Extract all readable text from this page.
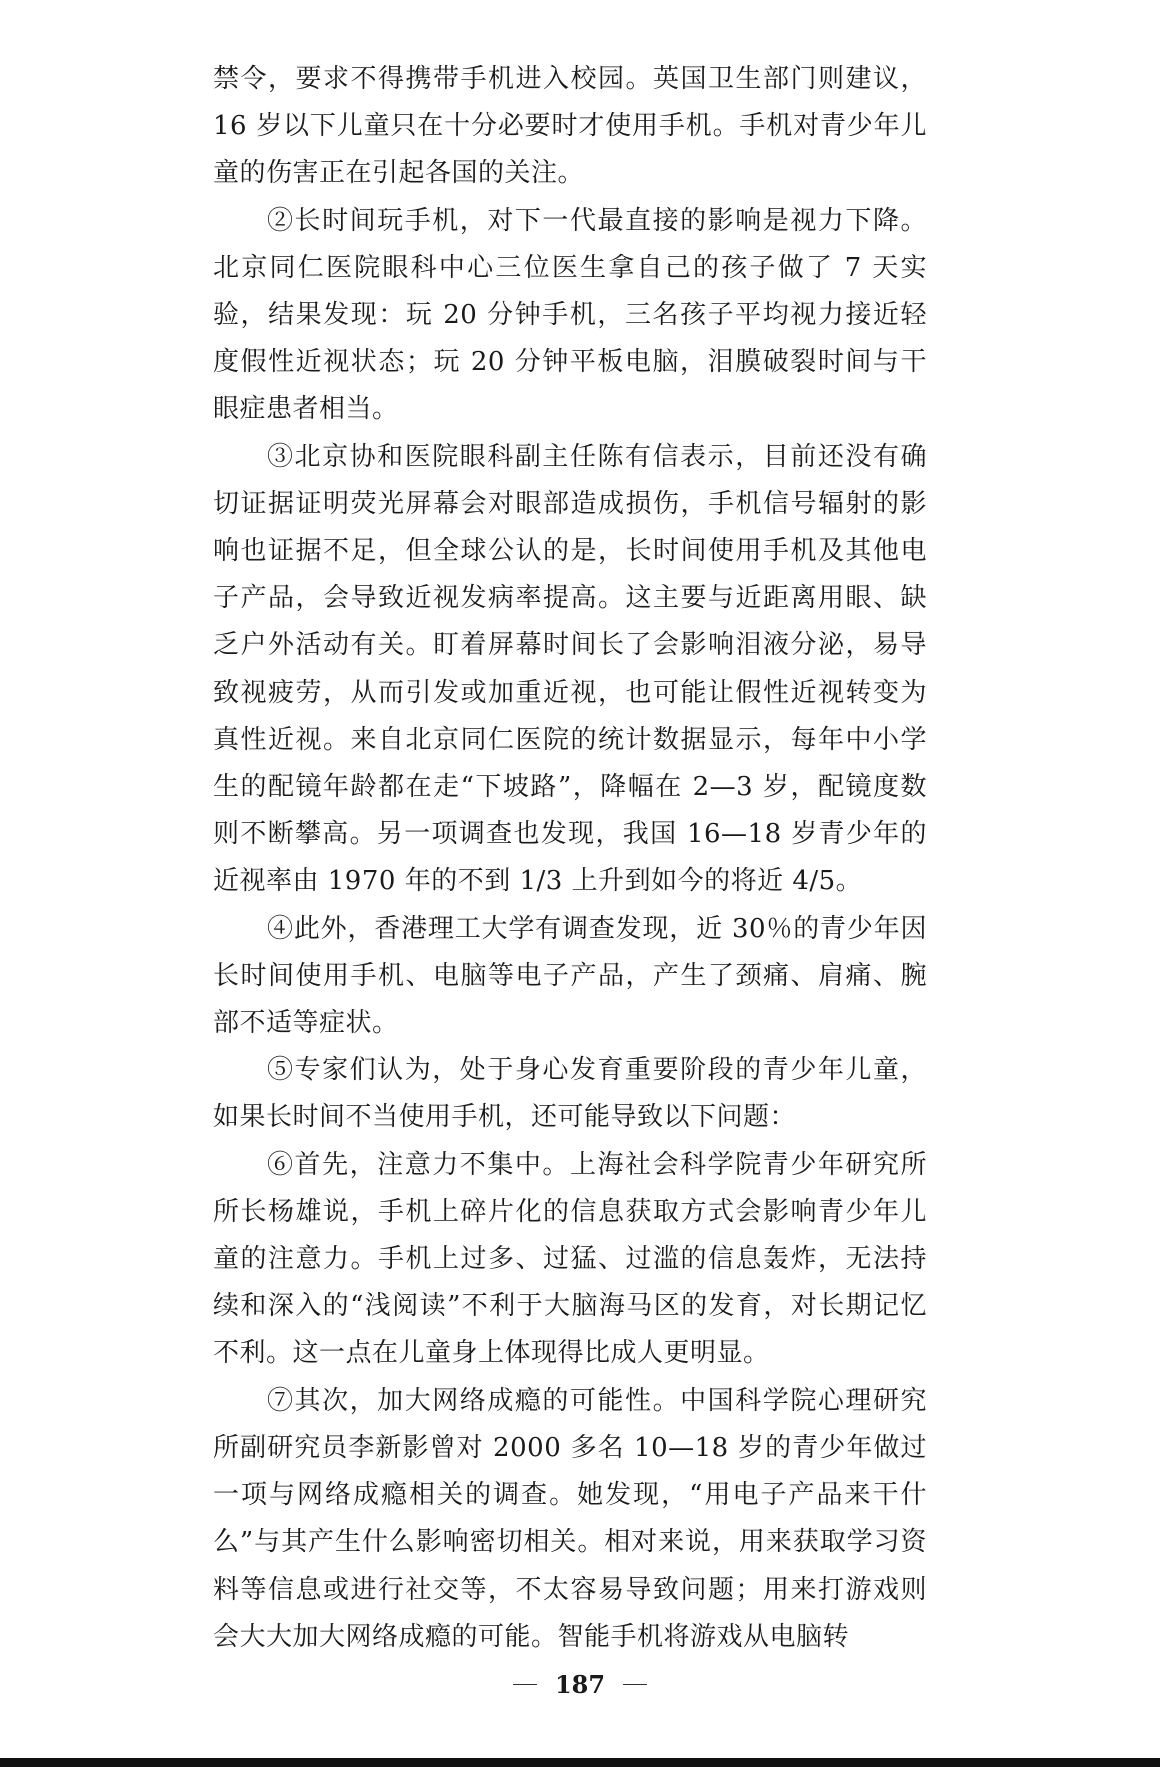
禁令，要求不得携带手机进入校园。英国卫生部门则建议，16 岁以下儿童只在十分必要时才使用手机。手机对青少年儿童的伤害正在引起各国的关注。

②长时间玩手机，对下一代最直接的影响是视力下降。北京同仁医院眼科中心三位医生拿自己的孩子做了 7 天实验，结果发现：玩 20 分钟手机，三名孩子平均视力接近轻度假性近视状态；玩 20 分钟平板电脑，泪膜破裂时间与干眼症患者相当。

③北京协和医院眼科副主任陈有信表示，目前还没有确切证据证明荧光屏幕会对眼部造成损伤，手机信号辐射的影响也证据不足，但全球公认的是，长时间使用手机及其他电子产品，会导致近视发病率提高。这主要与近距离用眼、缺乏户外活动有关。盯着屏幕时间长了会影响泪液分泌，易导致视疲劳，从而引发或加重近视，也可能让假性近视转变为真性近视。来自北京同仁医院的统计数据显示，每年中小学生的配镜年龄都在走“下坡路”，降幅在 2—3 岁，配镜度数则不断攀高。另一项调查也发现，我国 16—18 岁青少年的近视率由 1970 年的不到 1/3 上升到如今的将近 4/5。

④此外，香港理工大学有调查发现，近 30％的青少年因长时间使用手机、电脑等电子产品，产生了颈痛、肩痛、腕部不适等症状。

⑤专家们认为，处于身心发育重要阶段的青少年儿童，如果长时间不当使用手机，还可能导致以下问题：

⑥首先，注意力不集中。上海社会科学院青少年研究所所长杨雄说，手机上碎片化的信息获取方式会影响青少年儿童的注意力。手机上过多、过猛、过滥的信息轰炸，无法持续和深入的“浅阅读”不利于大脑海马区的发育，对长期记忆不利。这一点在儿童身上体现得比成人更明显。

⑦其次，加大网络成瘾的可能性。中国科学院心理研究所副研究员李新影曾对 2000 多名 10—18 岁的青少年做过一项与网络成瘾相关的调查。她发现，“用电子产品来干什么”与其产生什么影响密切相关。相对来说，用来获取学习资料等信息或进行社交等，不太容易导致问题；用来打游戏则会大大加大网络成瘾的可能。智能手机将游戏从电脑转

187
